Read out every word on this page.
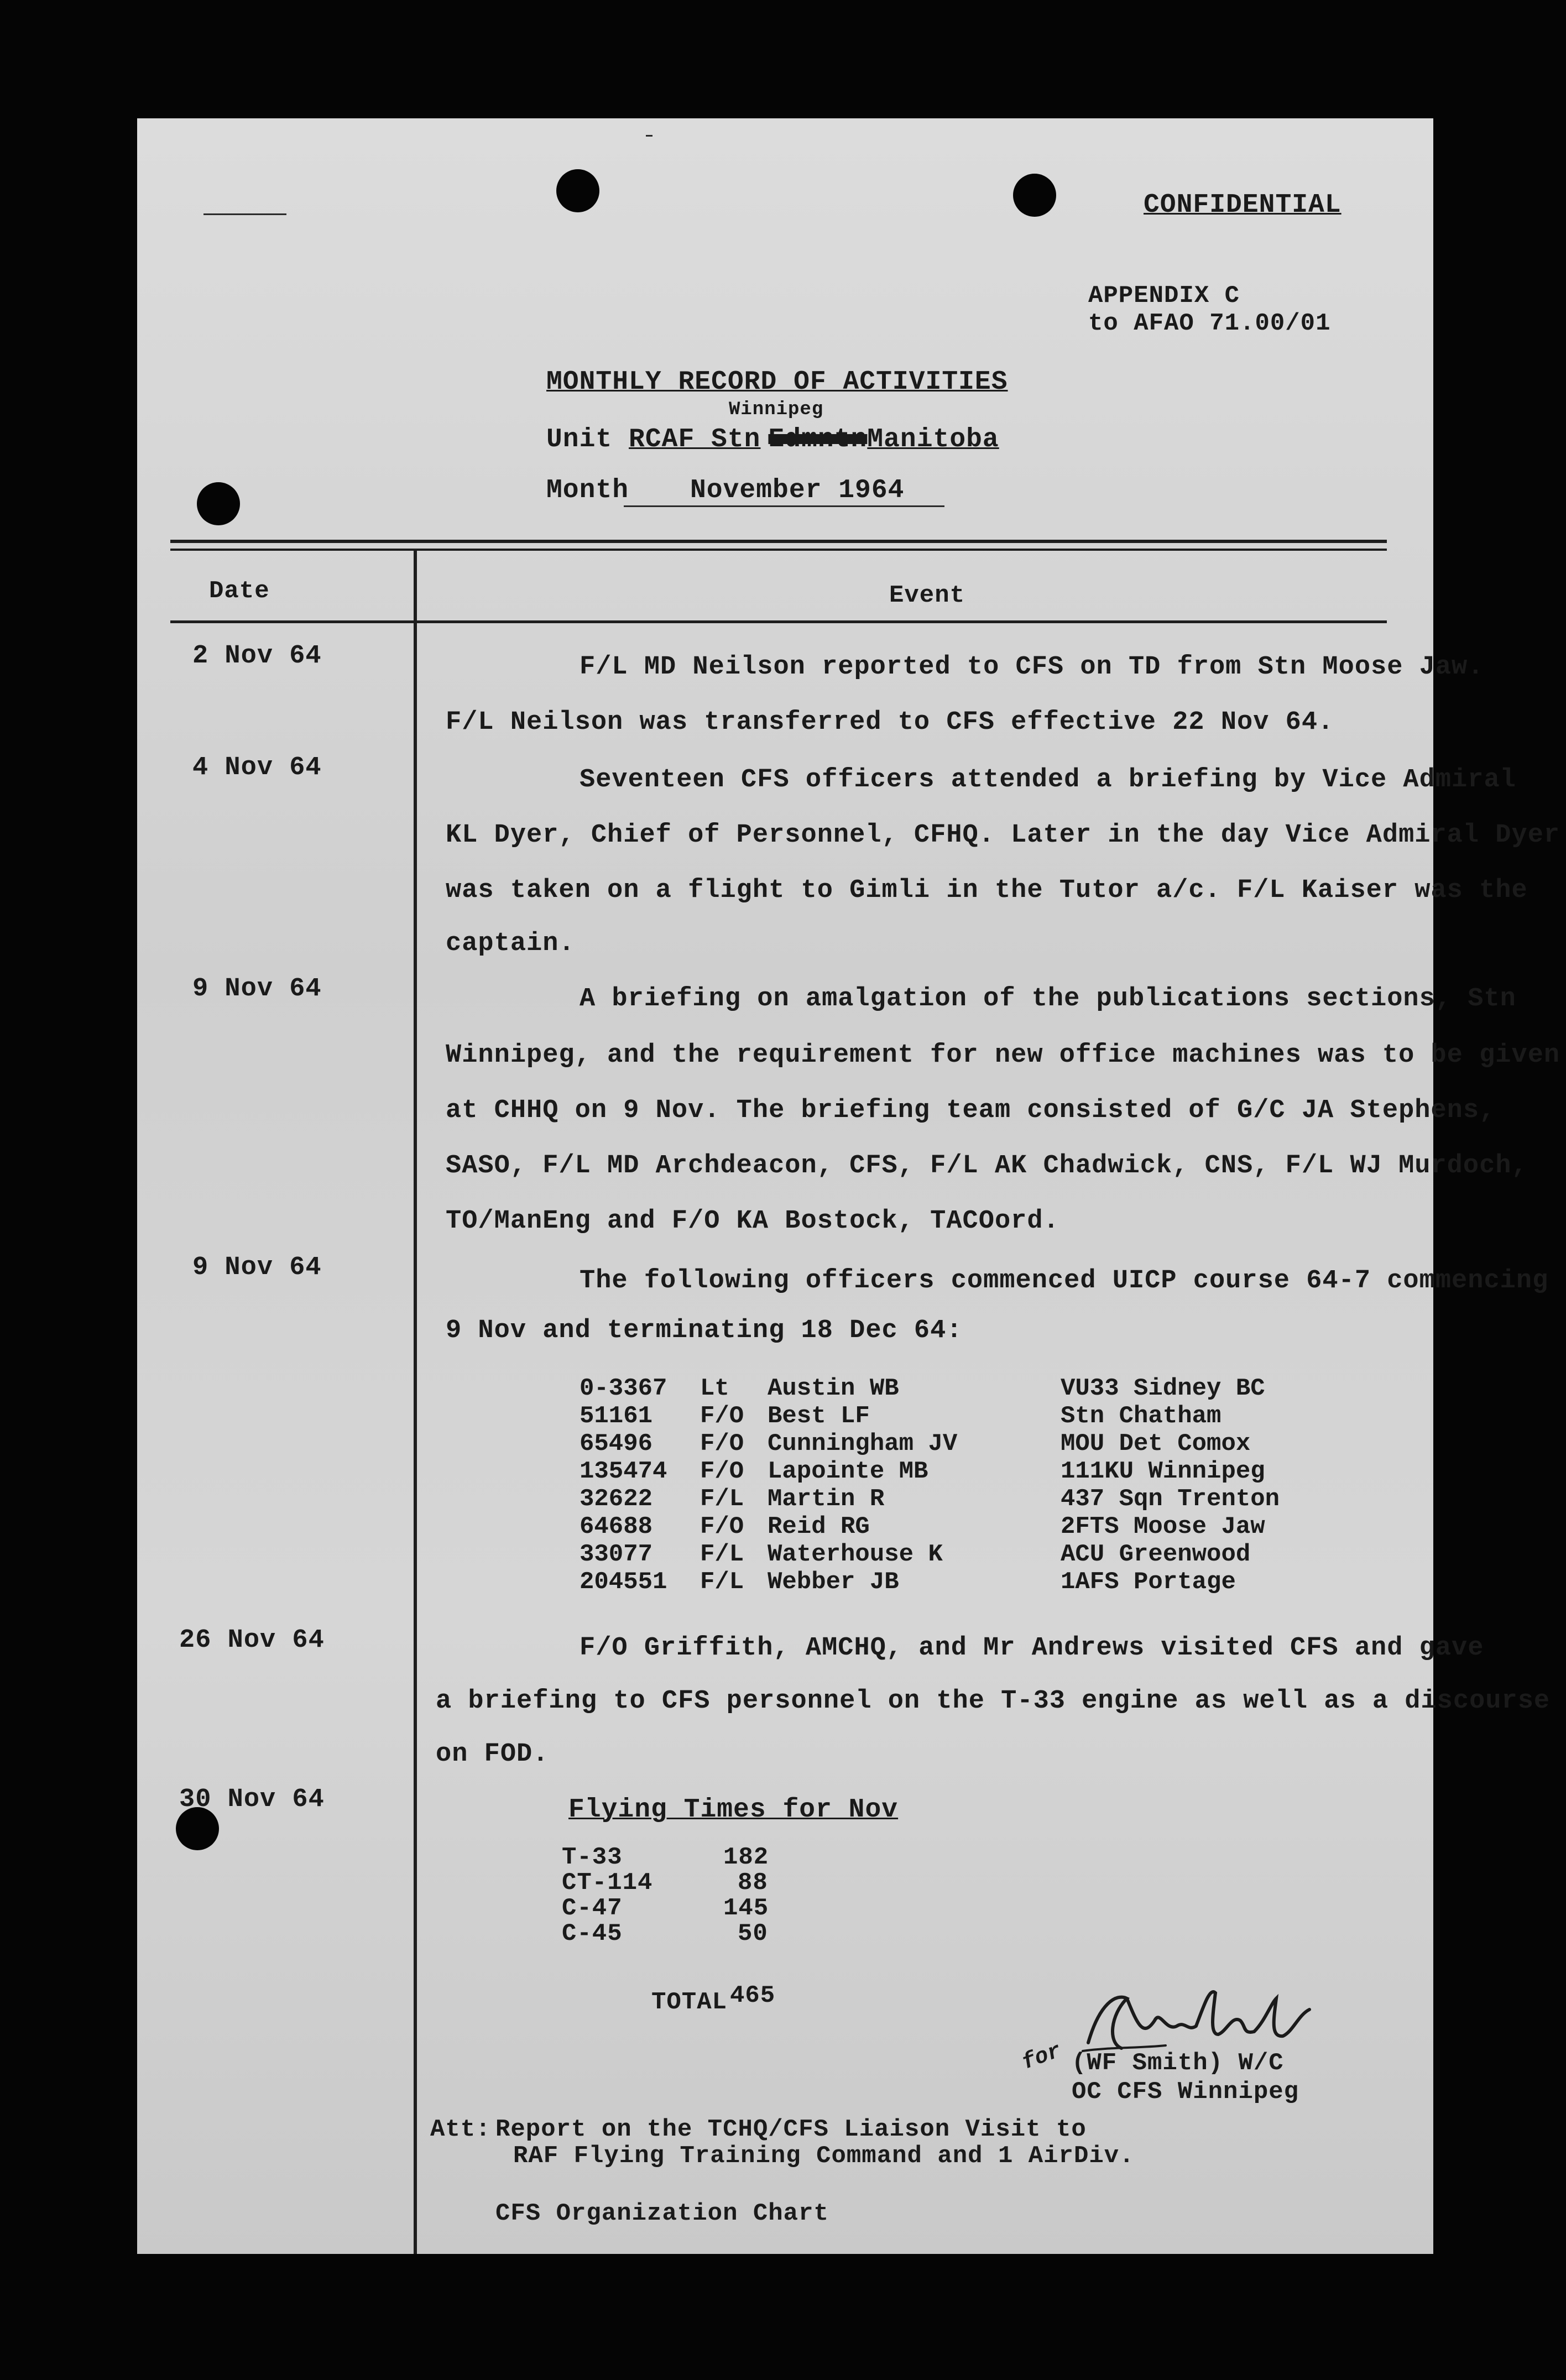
CONFIDENTIAL
APPENDIX C
to AFAO 71.00/01
MONTHLY RECORD OF ACTIVITIES
Winnipeg
Unit RCAF Stn EdmntnManitoba
Month November 1964
Date	Event
2 Nov 64	F/L MD Neilson reported to CFS on TD from Stn Moose Jaw.
F/L Neilson was transferred to CFS effective 22 Nov 64.
4 Nov 64	Seventeen CFS officers attended a briefing by Vice Admiral
KL Dyer, Chief of Personnel, CFHQ. Later in the day Vice Admiral Dyer
was taken on a flight to Gimli in the Tutor a/c. F/L Kaiser was the
captain.
9 Nov 64	A briefing on amalgation of the publications sections, Stn
Winnipeg, and the requirement for new office machines was to be given
at CHHQ on 9 Nov. The briefing team consisted of G/C JA Stephens,
SASO, F/L MD Archdeacon, CFS, F/L AK Chadwick, CNS, F/L WJ Murdoch,
TO/ManEng and F/O KA Bostock, TACOord.
9 Nov 64	The following officers commenced UICP course 64-7 commencing
9 Nov and terminating 18 Dec 64:
0-3367 Lt Austin WB	VU33 Sidney BC
51161 F/O Best LF	Stn Chatham
65496 F/O Cunningham JV	MOU Det Comox
135474 F/O Lapointe MB	111KU Winnipeg
32622 F/L Martin R	437 Sqn Trenton
64688 F/O Reid RG	2FTS Moose Jaw
33077 F/L Waterhouse K	ACU Greenwood
204551 F/L Webber JB	1AFS Portage
26 Nov 64	F/O Griffith, AMCHQ, and Mr Andrews visited CFS and gave
a briefing to CFS personnel on the T-33 engine as well as a discourse
on FOD.
30 Nov 64	Flying Times for Nov
T-33	182
CT-114	88
C-47	145
C-45	50
TOTAL 465
for (WF Smith) W/C
OC CFS Winnipeg
Att: Report on the TCHQ/CFS Liaison Visit to
RAF Flying Training Command and 1 AirDiv.
CFS Organization Chart
